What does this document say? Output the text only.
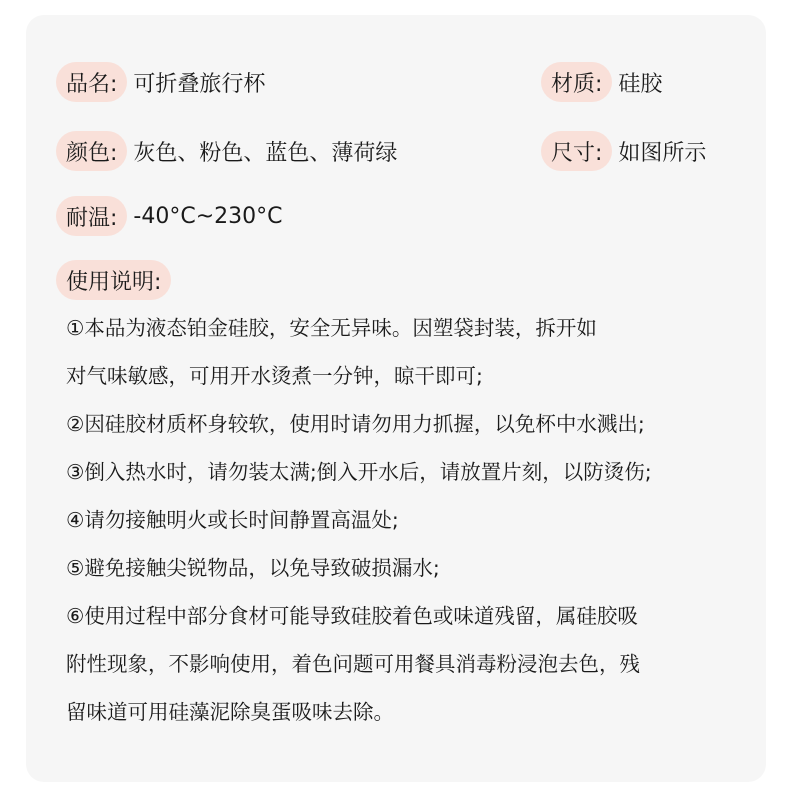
品名: 可折叠旅行杯	材质: 硅胶
颜色: 灰色、粉色、蓝色、薄荷绿	尺寸: 如图所示
耐温: -40°C~230°C
使用说明:
①本品为液态铂金硅胶，安全无异味。因塑袋封装，拆开如
对气味敏感，可用开水烫煮一分钟，晾干即可;
②因硅胶材质杯身较软，使用时请勿用力抓握，以免杯中水溅出;
③倒入热水时，请勿装太满;倒入开水后，请放置片刻，以防烫伤;
④请勿接触明火或长时间静置高温处;
⑤避免接触尖锐物品，以免导致破损漏水;
⑥使用过程中部分食材可能导致硅胶着色或味道残留，属硅胶吸
附性现象，不影响使用，着色问题可用餐具消毒粉浸泡去色，残
留味道可用硅藻泥除臭蛋吸味去除。
